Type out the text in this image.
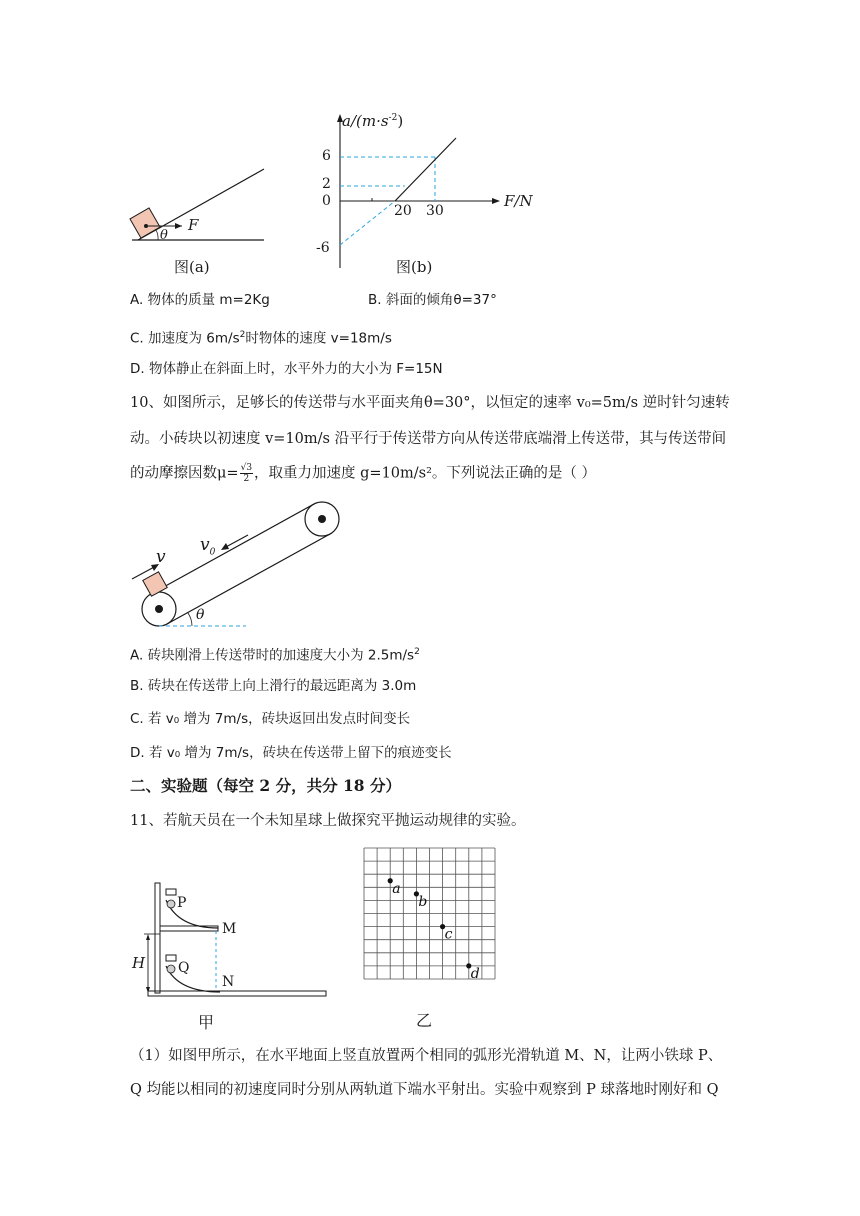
F
θ
图(a)
$a/(m\cdot s^{-2})$
6
2
0
-6
20 30
F/N
图(b)
A. 物体的质量 m=2Kg	B. 斜面的倾角θ=37°
C. 加速度为 $6m/s^2$时物体的速度 v=18m/s
D. 物体静止在斜面上时，水平外力的大小为 F=15N
10、如图所示，足够长的传送带与水平面夹角θ=30°，以恒定的速率 v₀=5m/s 逆时针匀速转
动。小砖块以初速度 v=10m/s 沿平行于传送带方向从传送带底端滑上传送带，其与传送带间
的动摩擦因数$\mu= \frac{√3}{2}$ ，取重力加速度 g=10m/s²。下列说法正确的是（ ）
v
$v_0$
θ
A. 砖块刚滑上传送带时的加速度大小为 $2.5m/s^2$
B. 砖块在传送带上向上滑行的最远距离为 3.0m
C. 若 v₀ 增为 7m/s，砖块返回出发点时间变长
D. 若 v₀ 增为 7m/s，砖块在传送带上留下的痕迹变长
二、实验题（每空 2 分，共分 18 分）
11、若航天员在一个未知星球上做探究平抛运动规律的实验。
P
M
H Q
N
甲
a
b
c
d
乙
（1）如图甲所示，在水平地面上竖直放置两个相同的弧形光滑轨道 M、N，让两小铁球 P、
Q 均能以相同的初速度同时分别从两轨道下端水平射出。实验中观察到 P 球落地时刚好和 Q
